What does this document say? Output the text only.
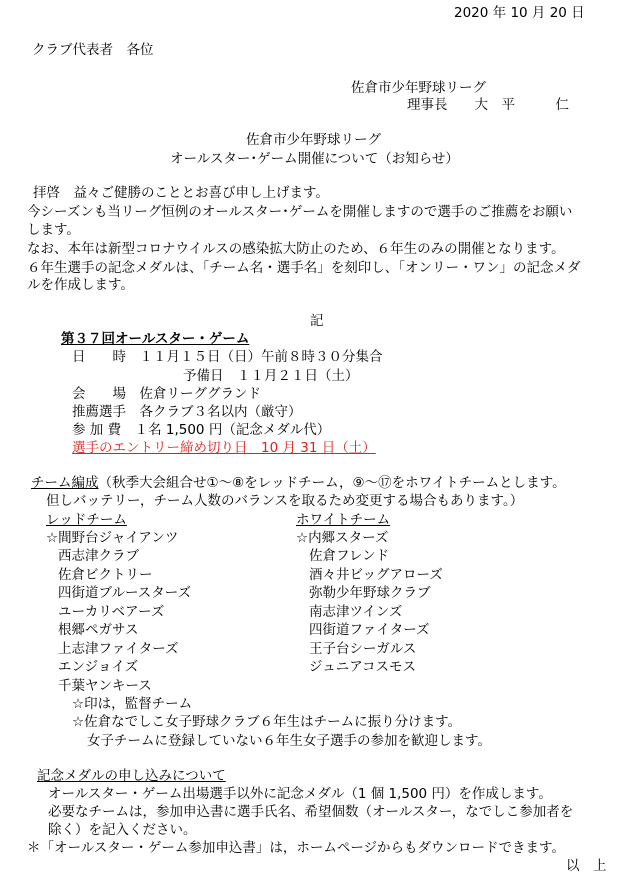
2020 年 10 月 20 日
クラブ代表者　各位
佐倉市少年野球リーグ
理事長　　大　平　　　仁
佐倉市少年野球リーグ
オールスター･ゲーム開催について（お知らせ）
拝啓　益々ご健勝のこととお喜び申し上げます。
今シーズンも当リーグ恒例のオールスター･ゲームを開催しますので選手のご推薦をお願い
します。
なお、本年は新型コロナウイルスの感染拡大防止のため、６年生のみの開催となります。
６年生選手の記念メダルは、「チーム名・選手名」を刻印し、「オンリー・ワン」の記念メダ
ルを作成します。
記
第３７回オールスター・ゲーム
日　　時　１１月１５日（日）午前８時３０分集合
予備日　１１月２１日（土）
会　　場　佐倉リーググランド
推薦選手　各クラブ３名以内（厳守）
参 加 費　１名 1,500 円（記念メダル代）
選手のエントリー締め切り日　10 月 31 日（土）
チーム編成（秋季大会組合せ①～⑧をレッドチーム，⑨～⑰をホワイトチームとします。
但しバッテリー，チーム人数のバランスを取るため変更する場合もあります。）
レッドチーム
☆間野台ジャイアンツ
西志津クラブ
佐倉ビクトリー
四街道ブルースターズ
ユーカリベアーズ
根郷ペガサス
上志津ファイターズ
エンジョイズ
千葉ヤンキース
ホワイトチーム
☆内郷スターズ
佐倉フレンド
酒々井ビッグアローズ
弥勒少年野球クラブ
南志津ツインズ
四街道ファイターズ
王子台シーガルス
ジュニアコスモス
☆印は，監督チーム
☆佐倉なでしこ女子野球クラブ６年生はチームに振り分けます。
女子チームに登録していない６年生女子選手の参加を歓迎します。
記念メダルの申し込みについて
オールスター・ゲーム出場選手以外に記念メダル（1 個 1,500 円）を作成します。
必要なチームは，参加申込書に選手氏名、希望個数（オールスター，なでしこ参加者を
除く）を記入ください。
＊「オールスター・ゲーム参加申込書」は，ホームページからもダウンロードできます。
以　上
